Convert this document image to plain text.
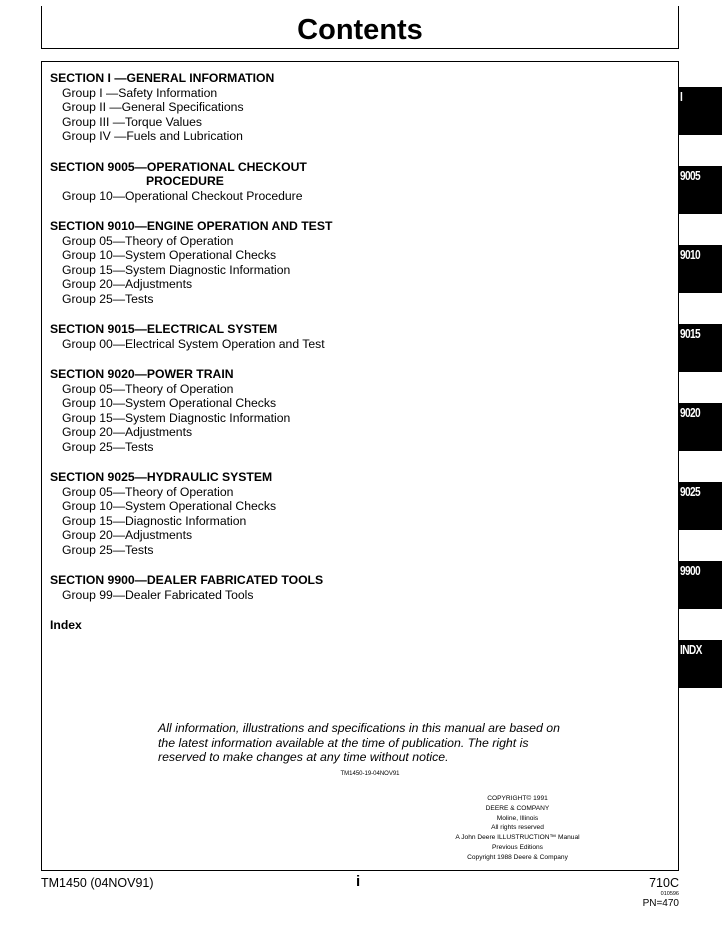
Contents
SECTION I —GENERAL INFORMATION
Group I —Safety Information
Group II —General Specifications
Group III —Torque Values
Group IV —Fuels and Lubrication
SECTION 9005—OPERATIONAL CHECKOUT
PROCEDURE
Group 10—Operational Checkout Procedure
SECTION 9010—ENGINE OPERATION AND TEST
Group 05—Theory of Operation
Group 10—System Operational Checks
Group 15—System Diagnostic Information
Group 20—Adjustments
Group 25—Tests
SECTION 9015—ELECTRICAL SYSTEM
Group 00—Electrical System Operation and Test
SECTION 9020—POWER TRAIN
Group 05—Theory of Operation
Group 10—System Operational Checks
Group 15—System Diagnostic Information
Group 20—Adjustments
Group 25—Tests
SECTION 9025—HYDRAULIC SYSTEM
Group 05—Theory of Operation
Group 10—System Operational Checks
Group 15—Diagnostic Information
Group 20—Adjustments
Group 25—Tests
SECTION 9900—DEALER FABRICATED TOOLS
Group 99—Dealer Fabricated Tools
Index
All information, illustrations and specifications in this manual are based on
the latest information available at the time of publication. The right is
reserved to make changes at any time without notice.
TM1450-19-04NOV91
COPYRIGHT© 1991
DEERE & COMPANY
Moline, Illinois
All rights reserved
A John Deere ILLUSTRUCTION™ Manual
Previous Editions
Copyright 1988 Deere & Company
TM1450 (04NOV91)	i	710C
010596
PN=470
I
9005
9010
9015
9020
9025
9900
INDX
